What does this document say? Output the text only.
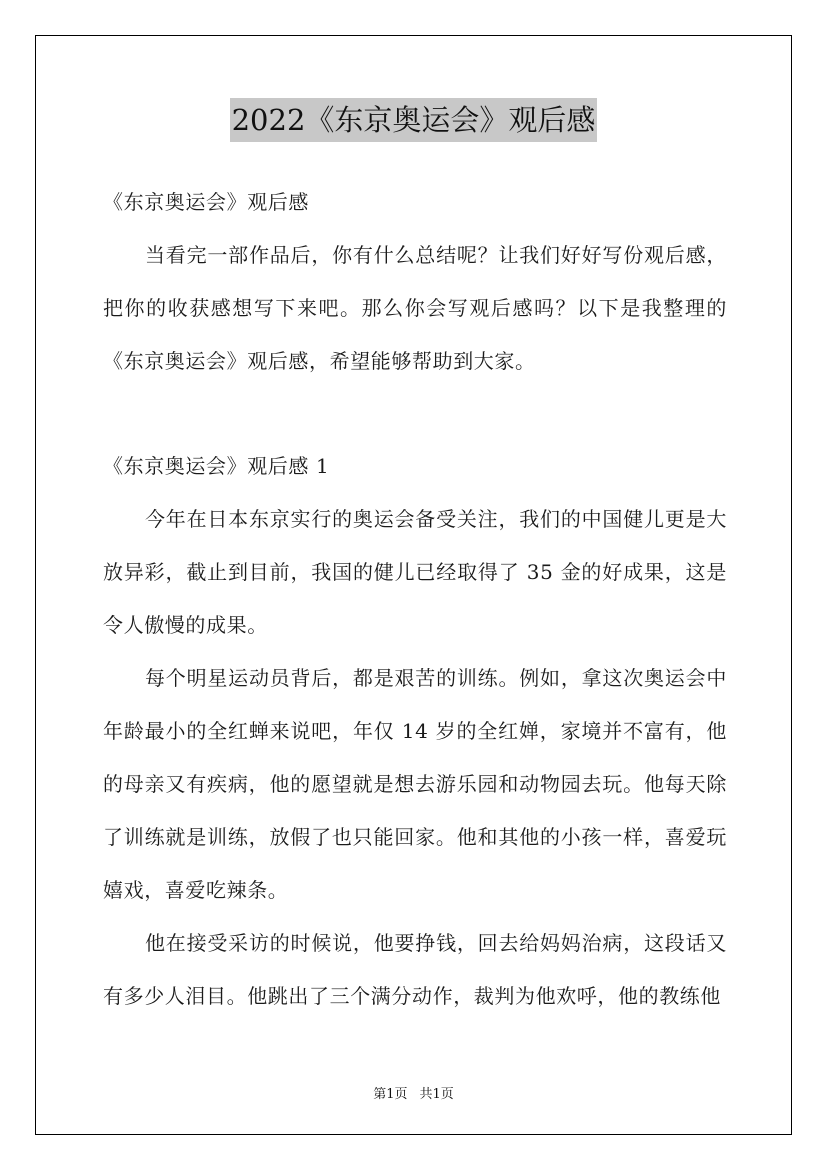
2022《东京奥运会》观后感

《东京奥运会》观后感

当看完一部作品后，你有什么总结呢？让我们好好写份观后感，把你的收获感想写下来吧。那么你会写观后感吗？以下是我整理的《东京奥运会》观后感，希望能够帮助到大家。

《东京奥运会》观后感 1

今年在日本东京实行的奥运会备受关注，我们的中国健儿更是大放异彩，截止到目前，我国的健儿已经取得了 35 金的好成果，这是令人傲慢的成果。

每个明星运动员背后，都是艰苦的训练。例如，拿这次奥运会中年龄最小的全红蝉来说吧，年仅 14 岁的全红婵，家境并不富有，他的母亲又有疾病，他的愿望就是想去游乐园和动物园去玩。他每天除了训练就是训练，放假了也只能回家。他和其他的小孩一样，喜爱玩嬉戏，喜爱吃辣条。

他在接受采访的时候说，他要挣钱，回去给妈妈治病，这段话又有多少人泪目。他跳出了三个满分动作，裁判为他欢呼，他的教练他

第1页 共1页
